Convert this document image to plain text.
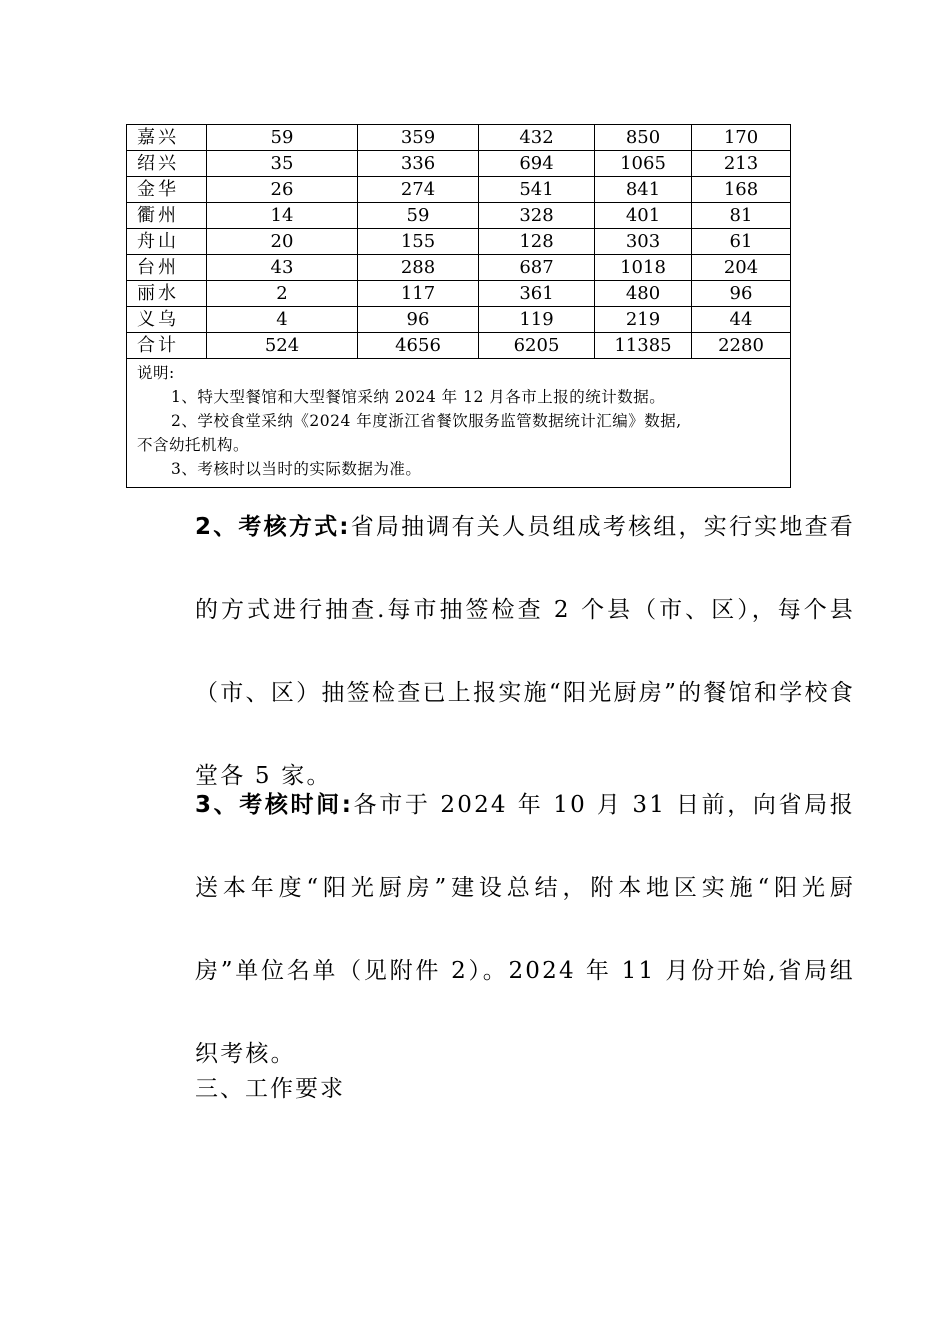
嘉兴	59	359	432	850	170
绍兴	35	336	694	1065	213
金华	26	274	541	841	168
衢州	14	59	328	401	81
舟山	20	155	128	303	61
台州	43	288	687	1018	204
丽水	2	117	361	480	96
义乌	4	96	119	219	44
合计	524	4656	6205	11385	2280

说明:
1、特大型餐馆和大型餐馆采纳 2024 年 12 月各市上报的统计数据。
2、学校食堂采纳《2024 年度浙江省餐饮服务监管数据统计汇编》数据,
不含幼托机构。
3、考核时以当时的实际数据为准。					
2、考核方式:省局抽调有关人员组成考核组，实行实地查看的方式进行抽查.每市抽签检查 2 个县（市、区），每个县（市、区）抽签检查已上报实施“阳光厨房”的餐馆和学校食堂各 5 家。
3、考核时间:各市于 2024 年 10 月 31 日前，向省局报送本年度“阳光厨房”建设总结，附本地区实施“阳光厨房”单位名单（见附件 2）。2024 年 11 月份开始,省局组织考核。
三、工作要求
